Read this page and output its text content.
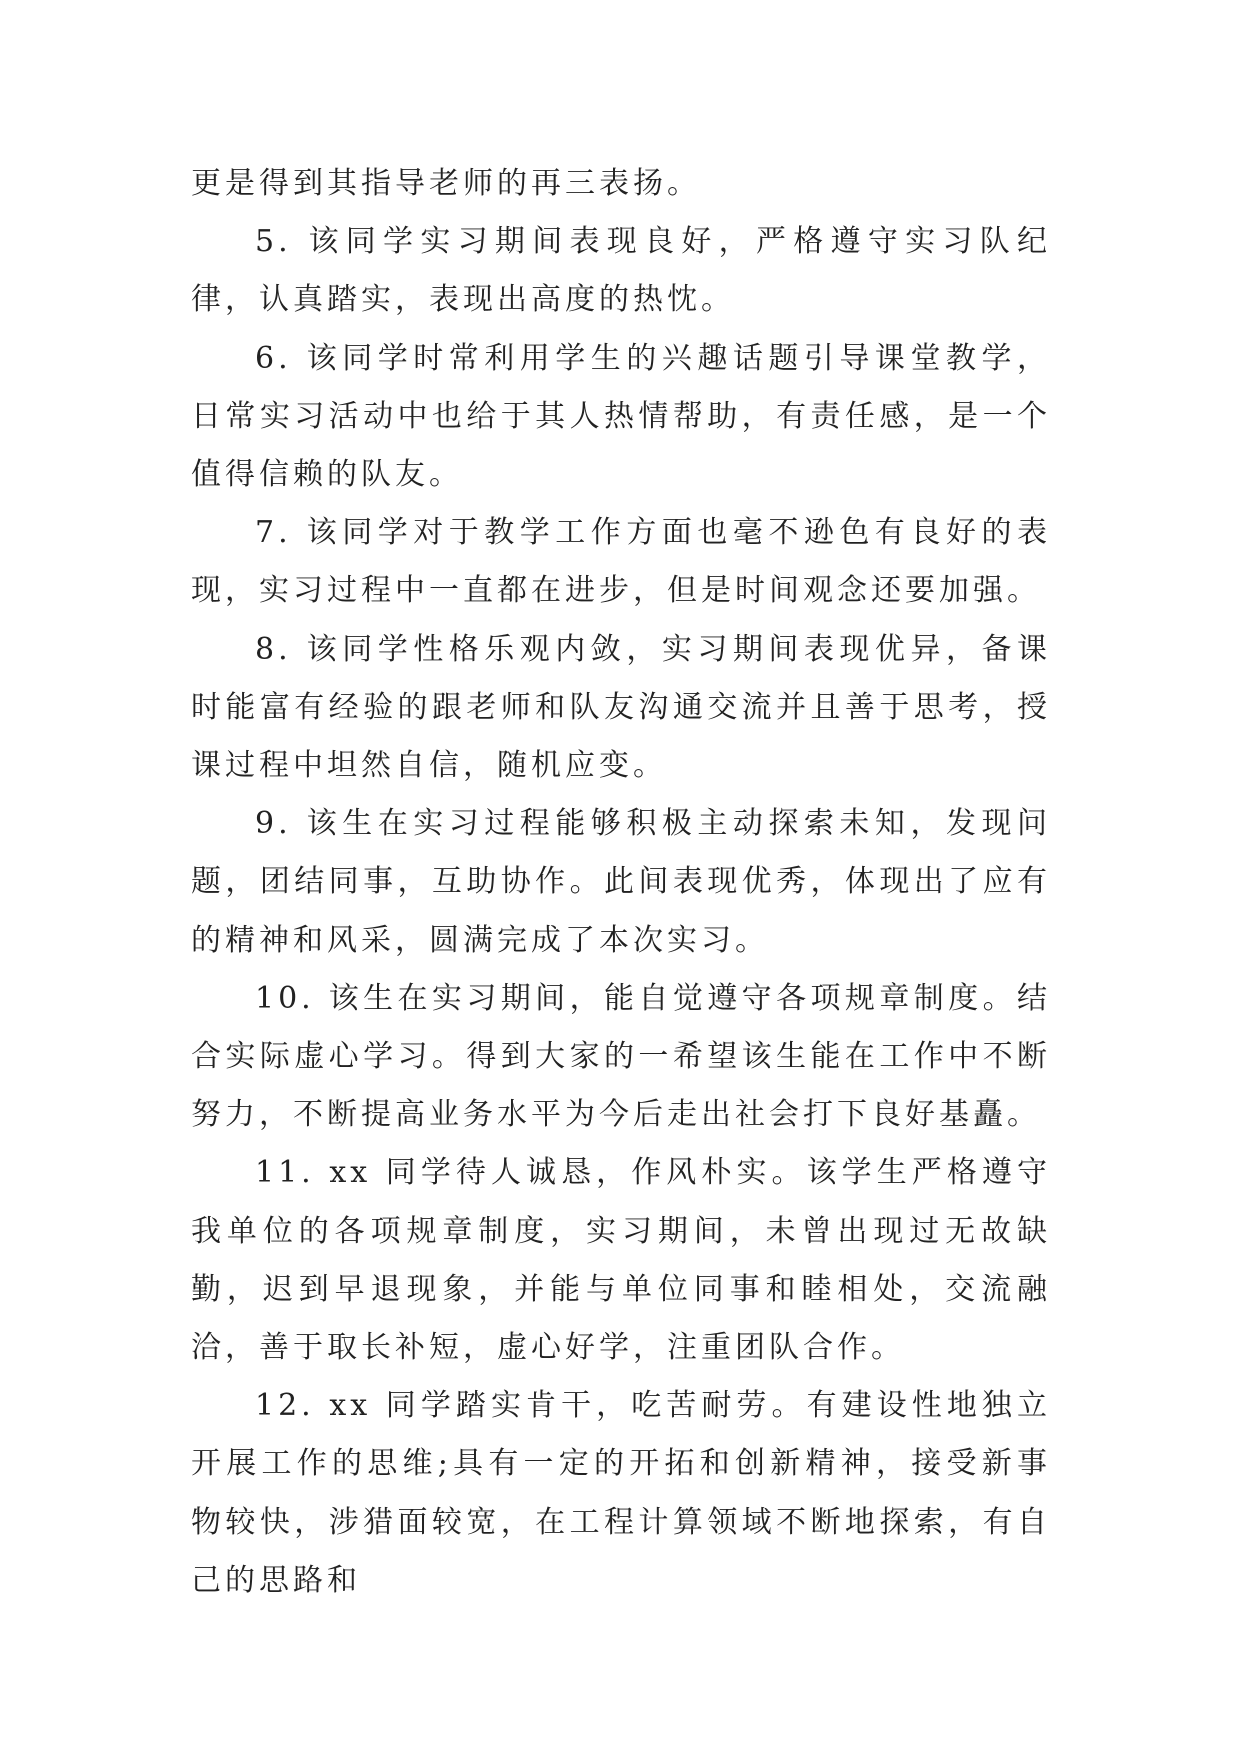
更是得到其指导老师的再三表扬。

5. 该同学实习期间表现良好，严格遵守实习队纪律，认真踏实，表现出高度的热忱。

6. 该同学时常利用学生的兴趣话题引导课堂教学，日常实习活动中也给于其人热情帮助，有责任感，是一个值得信赖的队友。

7. 该同学对于教学工作方面也毫不逊色有良好的表现，实习过程中一直都在进步，但是时间观念还要加强。

8. 该同学性格乐观内敛，实习期间表现优异，备课时能富有经验的跟老师和队友沟通交流并且善于思考，授课过程中坦然自信，随机应变。

9. 该生在实习过程能够积极主动探索未知，发现问题，团结同事，互助协作。此间表现优秀，体现出了应有的精神和风采，圆满完成了本次实习。

10. 该生在实习期间，能自觉遵守各项规章制度。结合实际虚心学习。得到大家的一希望该生能在工作中不断努力，不断提高业务水平为今后走出社会打下良好基矗。

11. xx 同学待人诚恳，作风朴实。该学生严格遵守我单位的各项规章制度，实习期间，未曾出现过无故缺勤，迟到早退现象，并能与单位同事和睦相处，交流融洽，善于取长补短，虚心好学，注重团队合作。

12. xx 同学踏实肯干，吃苦耐劳。有建设性地独立开展工作的思维;具有一定的开拓和创新精神，接受新事物较快，涉猎面较宽，在工程计算领域不断地探索，有自己的思路和
